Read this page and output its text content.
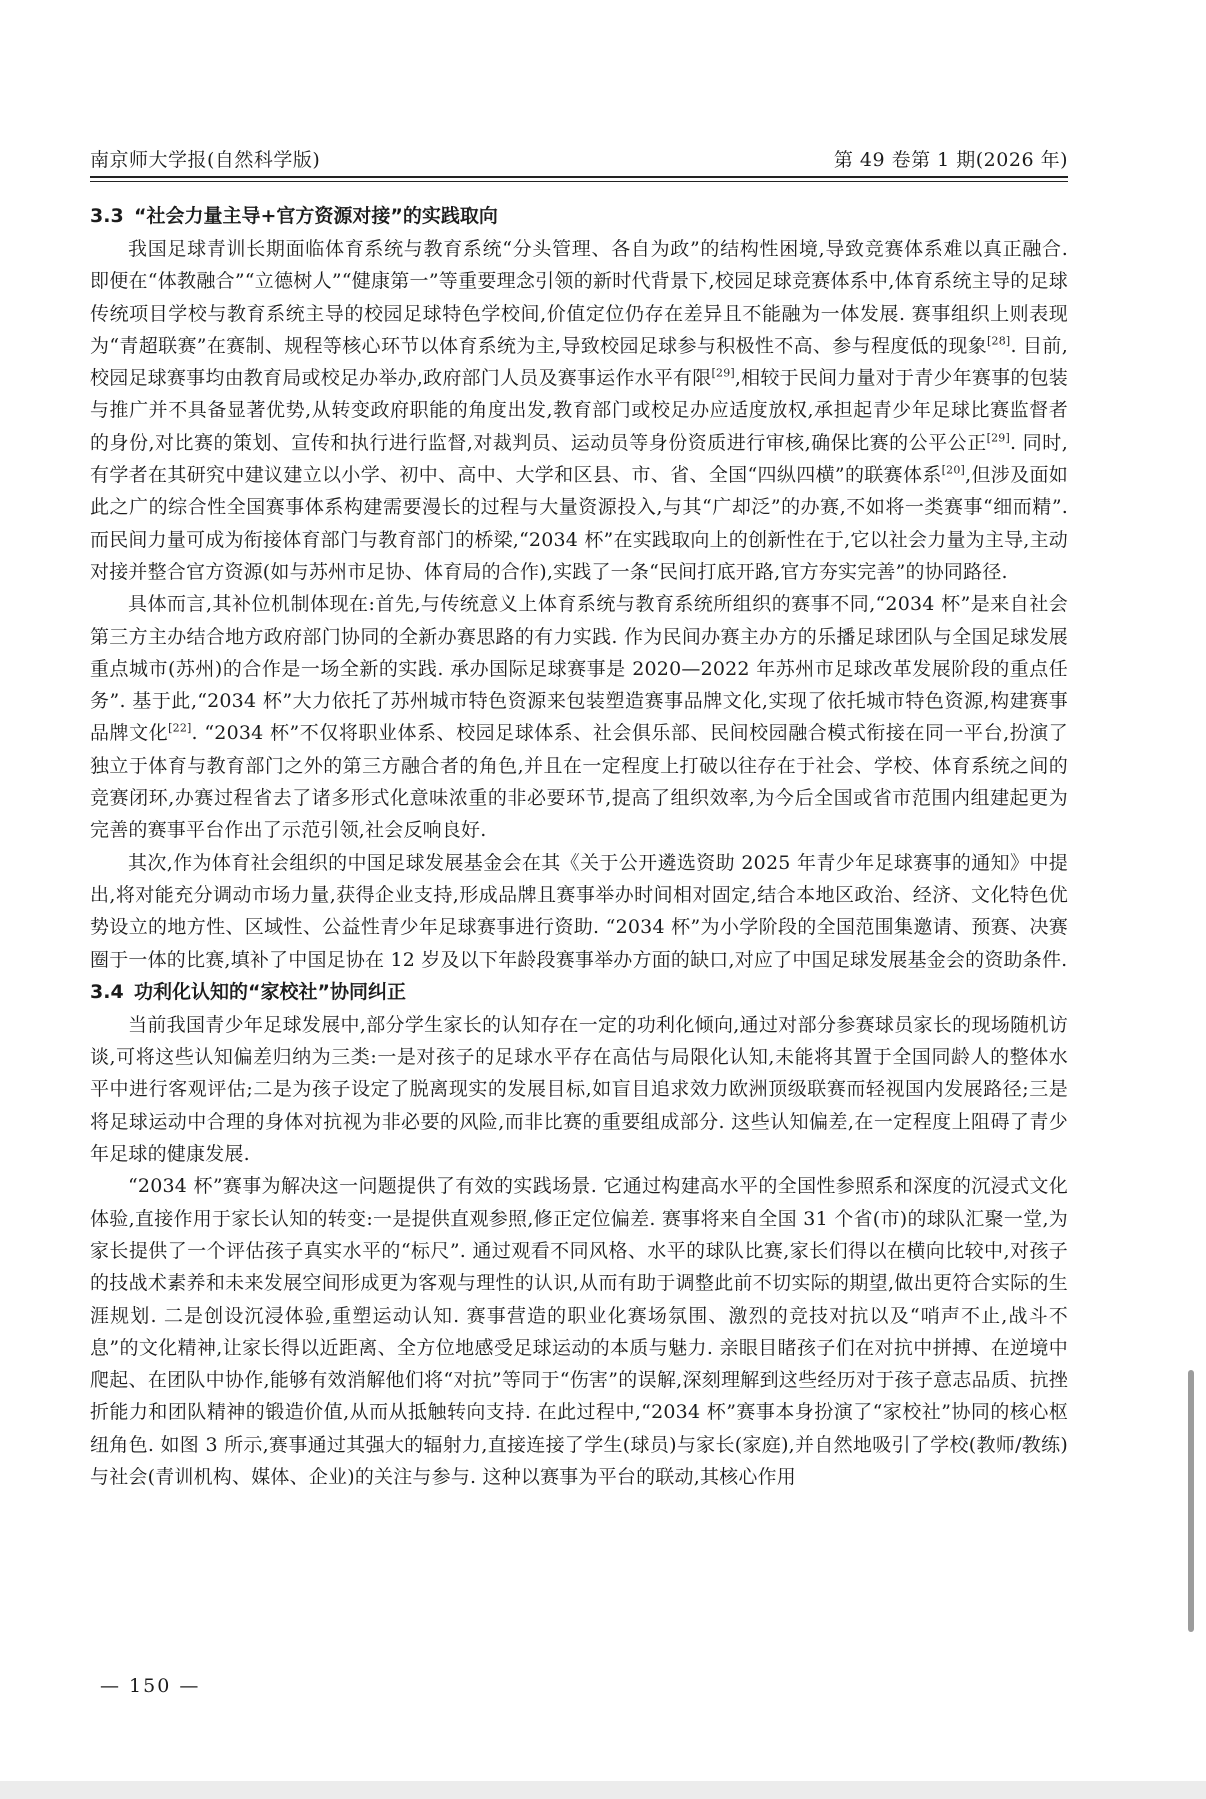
南京师大学报(自然科学版)	第 49 卷第 1 期(2026 年)
3.3 “社会力量主导+官方资源对接”的实践取向

我国足球青训长期面临体育系统与教育系统“分头管理、各自为政”的结构性困境,导致竞赛体系难以真正融合. 即便在“体教融合”“立德树人”“健康第一”等重要理念引领的新时代背景下,校园足球竞赛体系中,体育系统主导的足球传统项目学校与教育系统主导的校园足球特色学校间,价值定位仍存在差异且不能融为一体发展. 赛事组织上则表现为“青超联赛”在赛制、规程等核心环节以体育系统为主,导致校园足球参与积极性不高、参与程度低的现象[28]. 目前,校园足球赛事均由教育局或校足办举办,政府部门人员及赛事运作水平有限[29],相较于民间力量对于青少年赛事的包装与推广并不具备显著优势,从转变政府职能的角度出发,教育部门或校足办应适度放权,承担起青少年足球比赛监督者的身份,对比赛的策划、宣传和执行进行监督,对裁判员、运动员等身份资质进行审核,确保比赛的公平公正[29]. 同时,有学者在其研究中建议建立以小学、初中、高中、大学和区县、市、省、全国“四纵四横”的联赛体系[20],但涉及面如此之广的综合性全国赛事体系构建需要漫长的过程与大量资源投入,与其“广却泛”的办赛,不如将一类赛事“细而精”. 而民间力量可成为衔接体育部门与教育部门的桥梁,“2034 杯”在实践取向上的创新性在于,它以社会力量为主导,主动对接并整合官方资源(如与苏州市足协、体育局的合作),实践了一条“民间打底开路,官方夯实完善”的协同路径.

具体而言,其补位机制体现在:首先,与传统意义上体育系统与教育系统所组织的赛事不同,“2034 杯”是来自社会第三方主办结合地方政府部门协同的全新办赛思路的有力实践. 作为民间办赛主办方的乐播足球团队与全国足球发展重点城市(苏州)的合作是一场全新的实践. 承办国际足球赛事是 2020—2022 年苏州市足球改革发展阶段的重点任务”. 基于此,“2034 杯”大力依托了苏州城市特色资源来包装塑造赛事品牌文化,实现了依托城市特色资源,构建赛事品牌文化[22]. “2034 杯”不仅将职业体系、校园足球体系、社会俱乐部、民间校园融合模式衔接在同一平台,扮演了独立于体育与教育部门之外的第三方融合者的角色,并且在一定程度上打破以往存在于社会、学校、体育系统之间的竞赛闭环,办赛过程省去了诸多形式化意味浓重的非必要环节,提高了组织效率,为今后全国或省市范围内组建起更为完善的赛事平台作出了示范引领,社会反响良好.

其次,作为体育社会组织的中国足球发展基金会在其《关于公开遴选资助 2025 年青少年足球赛事的通知》中提出,将对能充分调动市场力量,获得企业支持,形成品牌且赛事举办时间相对固定,结合本地区政治、经济、文化特色优势设立的地方性、区域性、公益性青少年足球赛事进行资助. “2034 杯”为小学阶段的全国范围集邀请、预赛、决赛圈于一体的比赛,填补了中国足协在 12 岁及以下年龄段赛事举办方面的缺口,对应了中国足球发展基金会的资助条件.

3.4 功利化认知的“家校社”协同纠正

当前我国青少年足球发展中,部分学生家长的认知存在一定的功利化倾向,通过对部分参赛球员家长的现场随机访谈,可将这些认知偏差归纳为三类:一是对孩子的足球水平存在高估与局限化认知,未能将其置于全国同龄人的整体水平中进行客观评估;二是为孩子设定了脱离现实的发展目标,如盲目追求效力欧洲顶级联赛而轻视国内发展路径;三是将足球运动中合理的身体对抗视为非必要的风险,而非比赛的重要组成部分. 这些认知偏差,在一定程度上阻碍了青少年足球的健康发展.

“2034 杯”赛事为解决这一问题提供了有效的实践场景. 它通过构建高水平的全国性参照系和深度的沉浸式文化体验,直接作用于家长认知的转变:一是提供直观参照,修正定位偏差. 赛事将来自全国 31 个省(市)的球队汇聚一堂,为家长提供了一个评估孩子真实水平的“标尺”. 通过观看不同风格、水平的球队比赛,家长们得以在横向比较中,对孩子的技战术素养和未来发展空间形成更为客观与理性的认识,从而有助于调整此前不切实际的期望,做出更符合实际的生涯规划. 二是创设沉浸体验,重塑运动认知. 赛事营造的职业化赛场氛围、激烈的竞技对抗以及“哨声不止,战斗不息”的文化精神,让家长得以近距离、全方位地感受足球运动的本质与魅力. 亲眼目睹孩子们在对抗中拼搏、在逆境中爬起、在团队中协作,能够有效消解他们将“对抗”等同于“伤害”的误解,深刻理解到这些经历对于孩子意志品质、抗挫折能力和团队精神的锻造价值,从而从抵触转向支持. 在此过程中,“2034 杯”赛事本身扮演了“家校社”协同的核心枢纽角色. 如图 3 所示,赛事通过其强大的辐射力,直接连接了学生(球员)与家长(家庭),并自然地吸引了学校(教师/教练)与社会(青训机构、媒体、企业)的关注与参与. 这种以赛事为平台的联动,其核心作用

— 150 —
